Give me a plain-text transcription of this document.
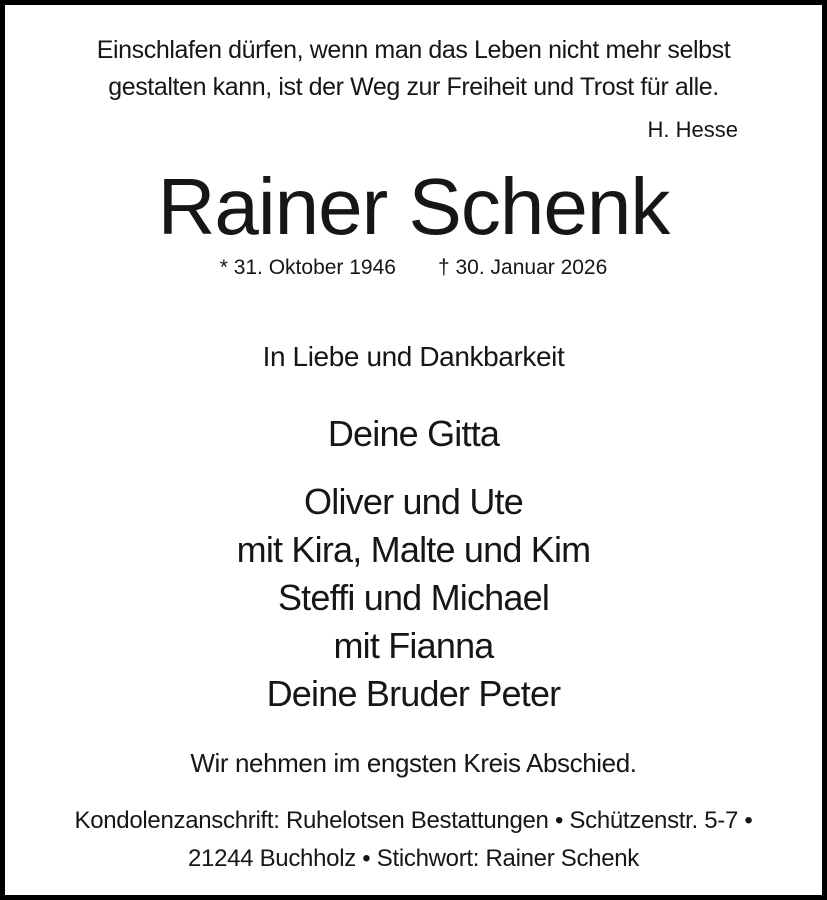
Einschlafen dürfen, wenn man das Leben nicht mehr selbst
gestalten kann, ist der Weg zur Freiheit und Trost für alle.
H. Hesse
Rainer Schenk
* 31. Oktober 1946 † 30. Januar 2026
In Liebe und Dankbarkeit
Deine Gitta
Oliver und Ute
mit Kira, Malte und Kim
Steffi und Michael
mit Fianna
Deine Bruder Peter
Wir nehmen im engsten Kreis Abschied.
Kondolenzanschrift: Ruhelotsen Bestattungen • Schützenstr. 5-7 •
21244 Buchholz • Stichwort: Rainer Schenk
